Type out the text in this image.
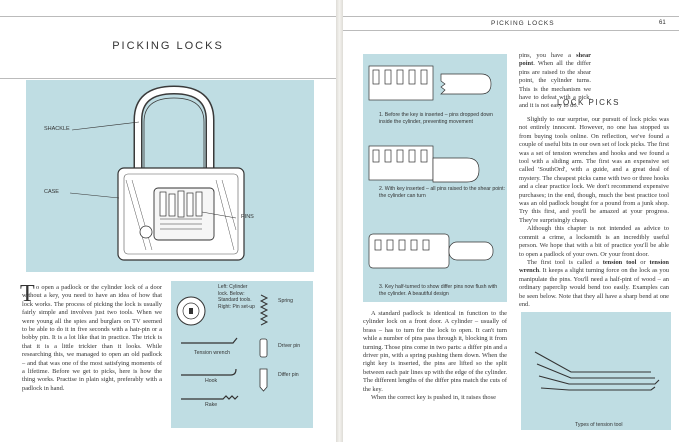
PICKING LOCKS
SHACKLE
CASE
PINS
T o open a padlock or the cylinder lock of a door without a key, you need to have an idea of how that lock works. The process of picking the lock is usually fairly simple and involves just two tools. When we were young all the spies and burglars on TV seemed to be able to do it in five seconds with a hair-pin or a bobby pin. It is a lot like that in practice. The trick is that it is a little trickier than it looks. While researching this, we managed to open an old padlock – and that was one of the most satisfying moments of a lifetime. Before we get to picks, here is how the thing works. Practise in plain sight, preferably with a padlock in hand.
Left: Cylinder lock. Below: Standard tools. Right: Pin set-up
Spring
Driver pin
Differ pin
Tension wrench
Hook
Rake
PICKING LOCKS	61
1. Before the key is inserted – pins dropped down inside the cylinder, preventing movement
2. With key inserted – all pins raised to the shear point: the cylinder can turn
3. Key half-turned to show differ pins now flush with the cylinder. A beautiful design
pins, you have a shear point. When all the differ pins are raised to the shear point, the cylinder turns. This is the mechanism we have to defeat with a pick, and it is not easy to do.

A standard padlock is identical in function to the cylinder lock on a front door. A cylinder – usually of brass – has to turn for the lock to open. It can't turn while a number of pins pass through it, blocking it from turning. Those pins come in two parts: a differ pin and a driver pin, with a spring pushing them down. When the right key is inserted, the pins are lifted so the split between each pair lines up with the edge of the cylinder. The different lengths of the differ pins match the cuts of the key.

When the correct key is pushed in, it raises those

LOCK PICKS

Slightly to our surprise, our pursuit of lock picks was not entirely innocent. However, no one has stopped us from buying tools online. On reflection, we've found a couple of useful bits in our own set of lock picks. The first was a set of tension wrenches and hooks and we found a tool with a sliding arm. The first was an expensive set called 'SouthOrd', with a guide, and a great deal of mystery. The cheapest picks came with two or three hooks and a clear practice lock. We don't recommend expensive purchases; in the end, though, much the best practice tool was an old padlock bought for a pound from a junk shop. Try this first, and you'll be amazed at your progress. They're surprisingly cheap.

Although this chapter is not intended as advice to commit a crime, a locksmith is an incredibly useful person. We hope that with a bit of practice you'll be able to open a padlock of your own. Or your front door.

The first tool is called a tension tool or tension wrench. It keeps a slight turning force on the lock as you manipulate the pins. You'll need a half-pint of wood – an ordinary paperclip would bend too easily. Examples can be seen below. Note that they all have a sharp bend at one end.

Types of tension tool
